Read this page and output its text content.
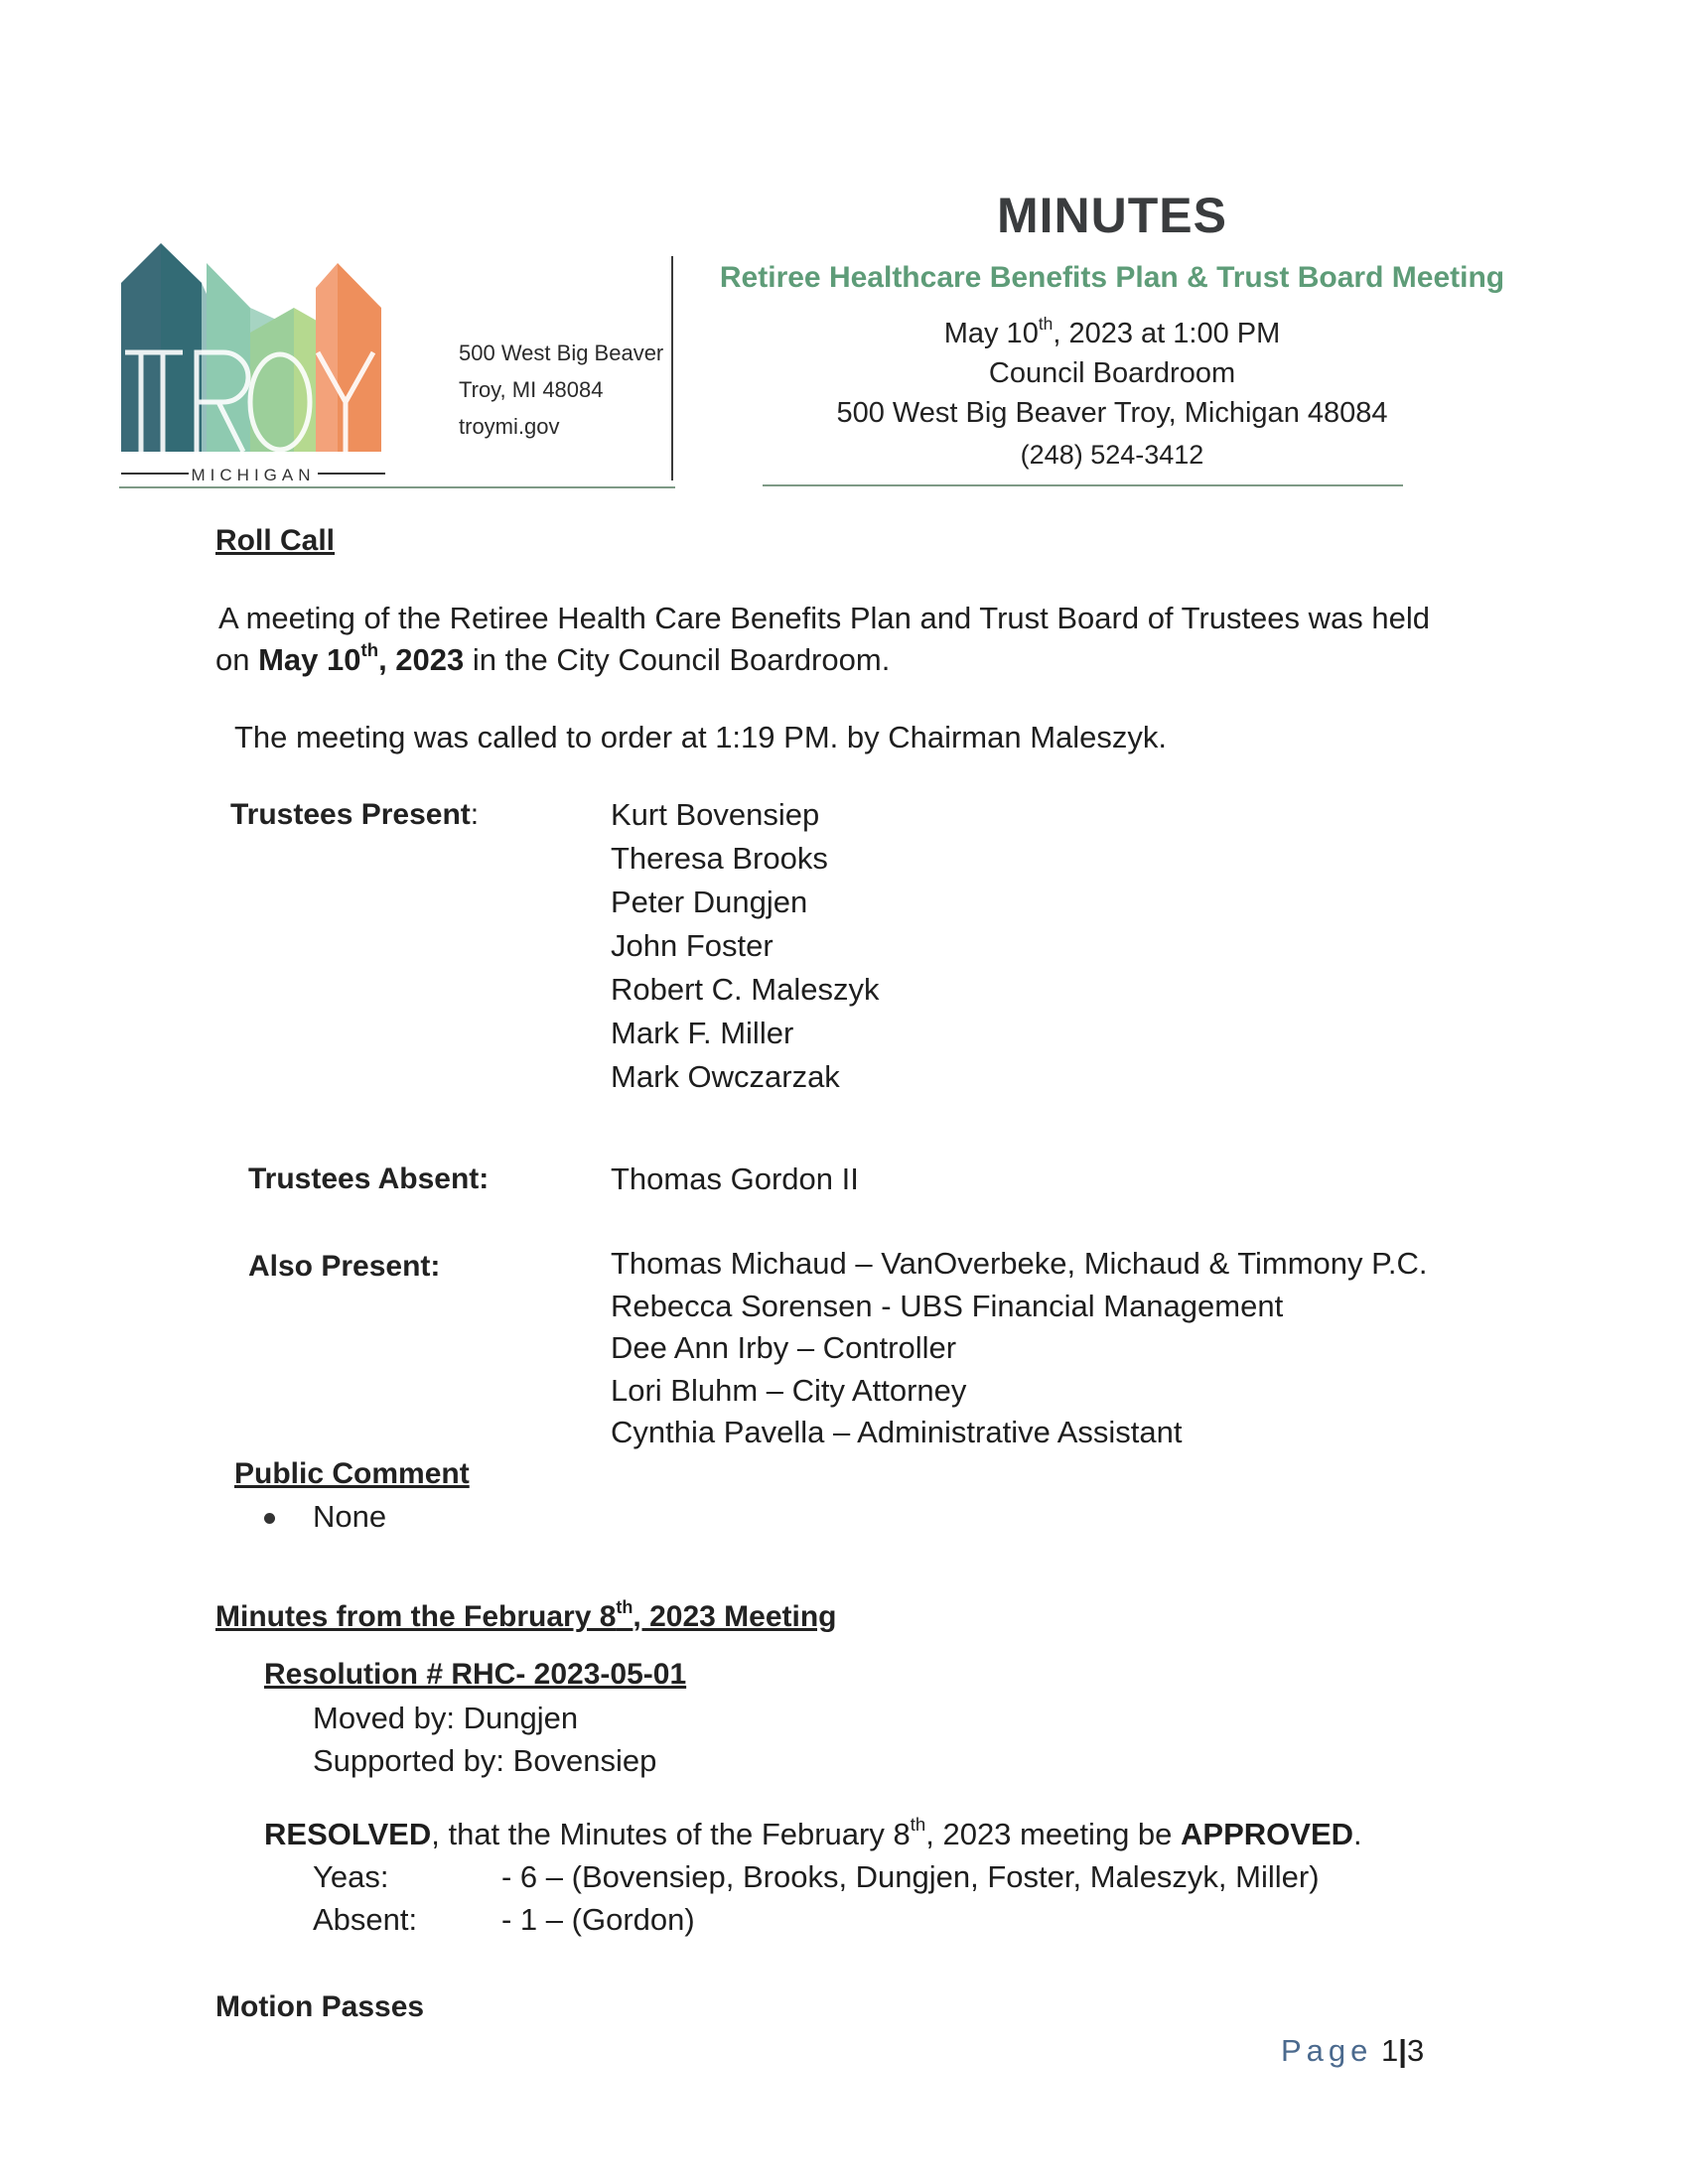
MICHIGAN
500 West Big Beaver
Troy, MI 48084
troymi.gov
MINUTES
Retiree Healthcare Benefits Plan & Trust Board Meeting
May 10th, 2023 at 1:00 PM
Council Boardroom
500 West Big Beaver Troy, Michigan 48084
(248) 524-3412
Roll Call
A meeting of the Retiree Health Care Benefits Plan and Trust Board of Trustees was held
on May 10th, 2023 in the City Council Boardroom.
The meeting was called to order at 1:19 PM. by Chairman Maleszyk.
Trustees Present:	Kurt Bovensiep
Theresa Brooks
Peter Dungjen
John Foster
Robert C. Maleszyk
Mark F. Miller
Mark Owczarzak
Trustees Absent:	Thomas Gordon II
Also Present:	Thomas Michaud – VanOverbeke, Michaud & Timmony P.C.
Rebecca Sorensen - UBS Financial Management
Dee Ann Irby – Controller
Lori Bluhm – City Attorney
Cynthia Pavella – Administrative Assistant
Public Comment
None
Minutes from the February 8th, 2023 Meeting
Resolution # RHC- 2023-05-01
Moved by: Dungjen
Supported by: Bovensiep
RESOLVED, that the Minutes of the February 8th, 2023 meeting be APPROVED.
Yeas:	- 6 – (Bovensiep, Brooks, Dungjen, Foster, Maleszyk, Miller)
Absent:	- 1 – (Gordon)
Motion Passes
Page 1|3
